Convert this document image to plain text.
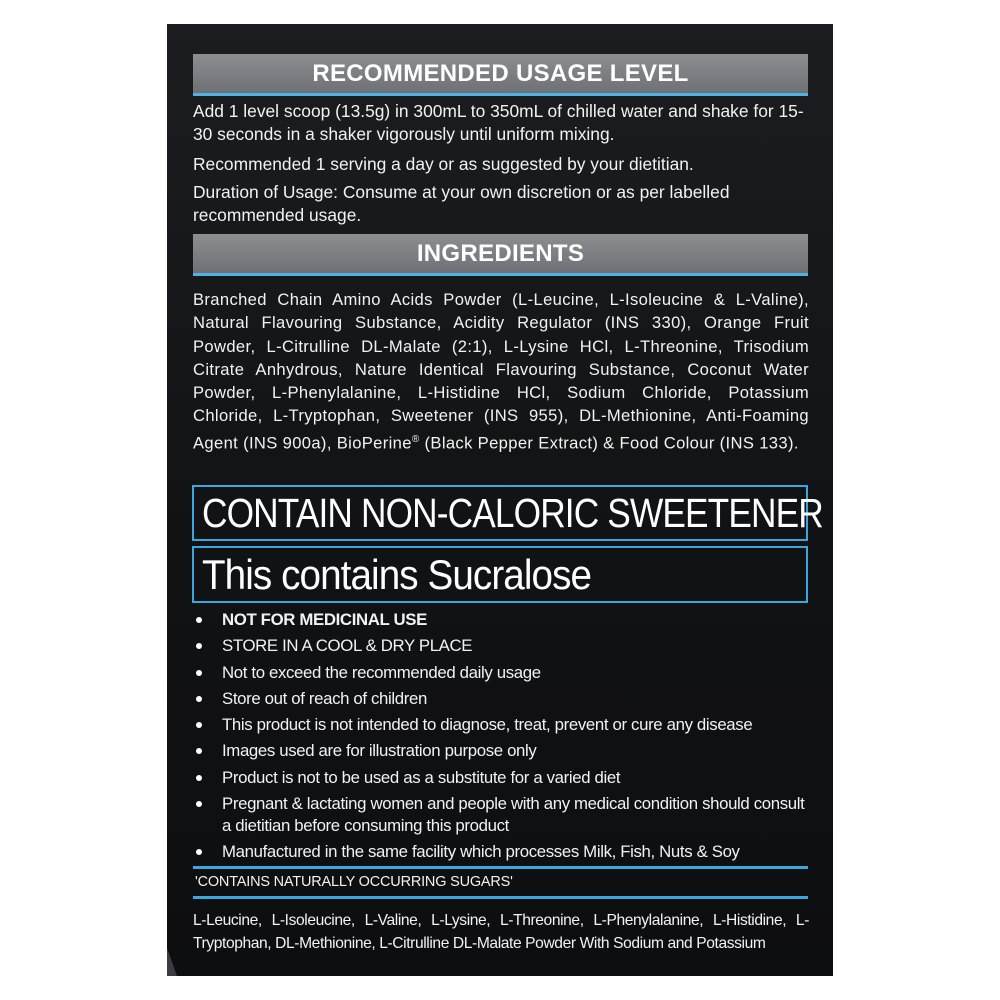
RECOMMENDED USAGE LEVEL

Add 1 level scoop (13.5g) in 300mL to 350mL of chilled water and shake for 15-30 seconds in a shaker vigorously until uniform mixing.

Recommended 1 serving a day or as suggested by your dietitian.

Duration of Usage: Consume at your own discretion or as per labelled recommended usage.

INGREDIENTS

Branched Chain Amino Acids Powder (L-Leucine, L-Isoleucine & L-Valine), Natural Flavouring Substance, Acidity Regulator (INS 330), Orange Fruit Powder, L-Citrulline DL-Malate (2:1), L-Lysine HCl, L-Threonine, Trisodium Citrate Anhydrous, Nature Identical Flavouring Substance, Coconut Water Powder, L-Phenylalanine, L-Histidine HCl, Sodium Chloride, Potassium Chloride, L-Tryptophan, Sweetener (INS 955), DL-Methionine, Anti-Foaming Agent (INS 900a), BioPerine® (Black Pepper Extract) & Food Colour (INS 133).

CONTAIN NON-CALORIC SWEETENER
This contains Sucralose
NOT FOR MEDICINAL USE
STORE IN A COOL & DRY PLACE
Not to exceed the recommended daily usage
Store out of reach of children
This product is not intended to diagnose, treat, prevent or cure any disease
Images used are for illustration purpose only
Product is not to be used as a substitute for a varied diet
Pregnant & lactating women and people with any medical condition should consult a dietitian before consuming this product
Manufactured in the same facility which processes Milk, Fish, Nuts & Soy

'CONTAINS NATURALLY OCCURRING SUGARS'

L-Leucine, L-Isoleucine, L-Valine, L-Lysine, L-Threonine, L-Phenylalanine, L-Histidine, L-Tryptophan, DL-Methionine, L-Citrulline DL-Malate Powder With Sodium and Potassium
